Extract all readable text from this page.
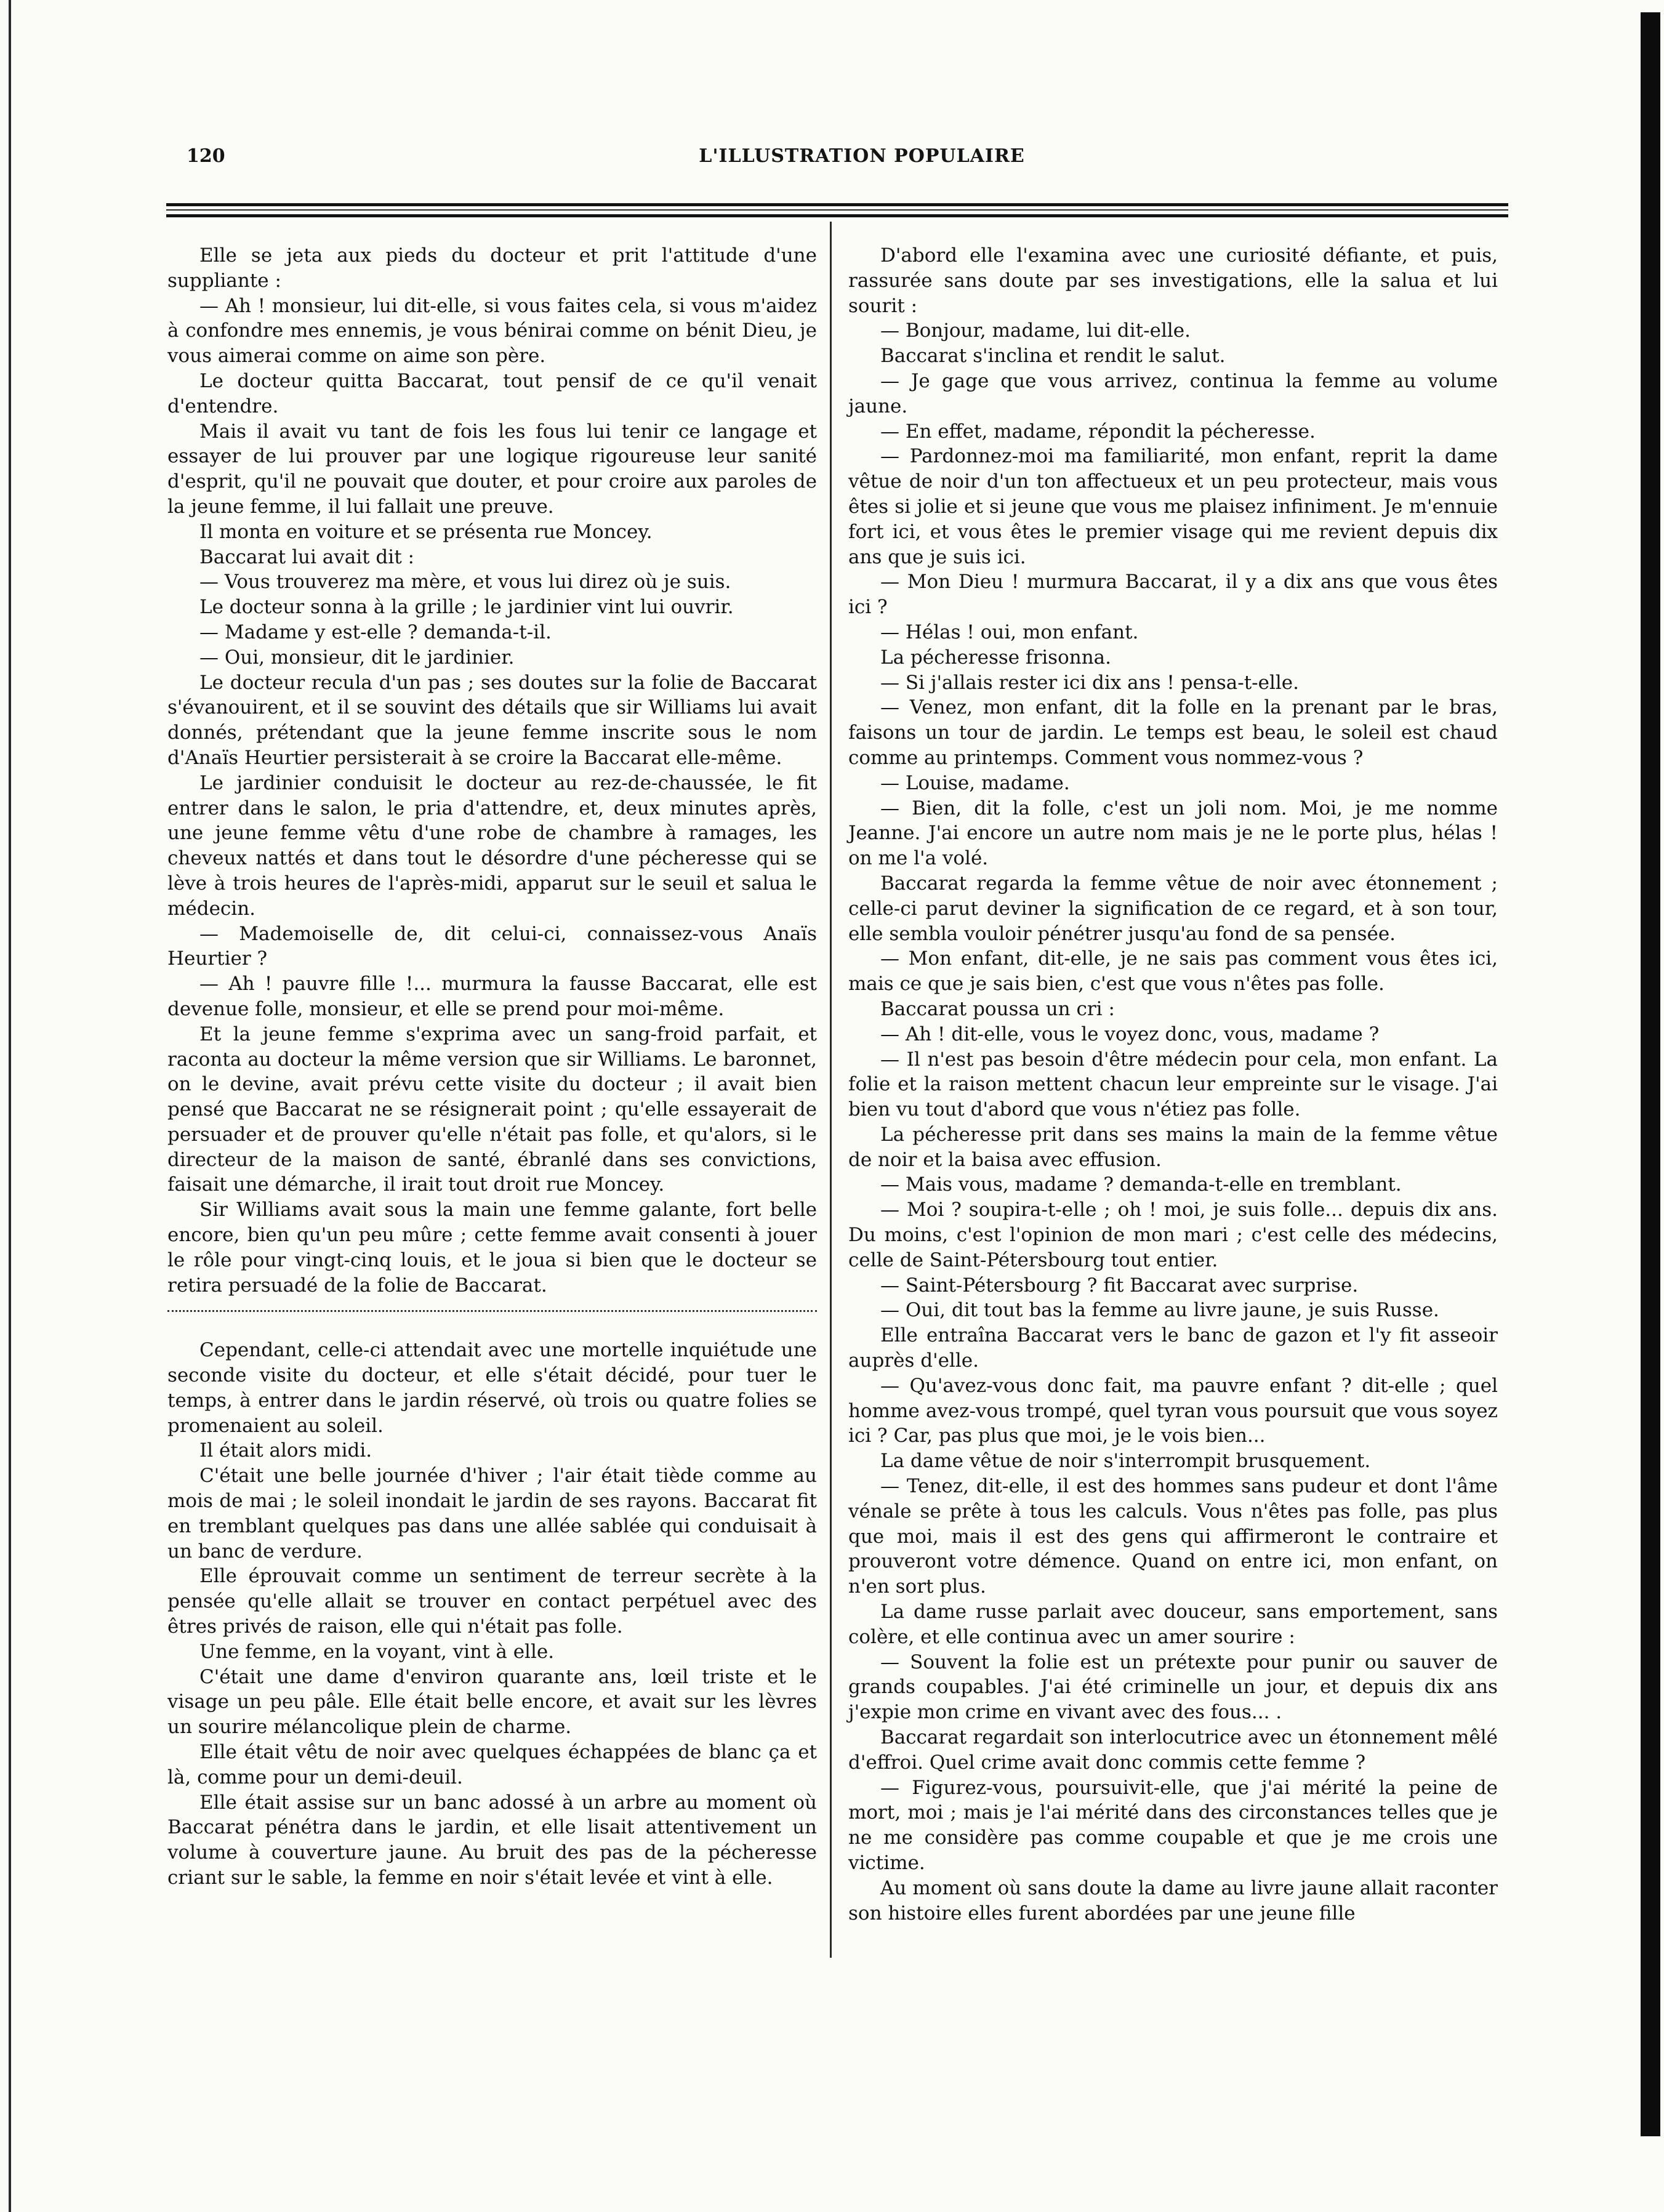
120	L'ILLUSTRATION POPULAIRE

Elle se jeta aux pieds du docteur et prit l'attitude d'une suppliante :

— Ah ! monsieur, lui dit-elle, si vous faites cela, si vous m'aidez à confondre mes ennemis, je vous bénirai comme on bénit Dieu, je vous aimerai comme on aime son père.

Le docteur quitta Baccarat, tout pensif de ce qu'il venait d'entendre.

Mais il avait vu tant de fois les fous lui tenir ce langage et essayer de lui prouver par une logique rigoureuse leur sanité d'esprit, qu'il ne pouvait que douter, et pour croire aux paroles de la jeune femme, il lui fallait une preuve.

Il monta en voiture et se présenta rue Moncey.

Baccarat lui avait dit :

— Vous trouverez ma mère, et vous lui direz où je suis.

Le docteur sonna à la grille ; le jardinier vint lui ouvrir.

— Madame y est-elle ? demanda-t-il.

— Oui, monsieur, dit le jardinier.

Le docteur recula d'un pas ; ses doutes sur la folie de Baccarat s'évanouirent, et il se souvint des détails que sir Williams lui avait donnés, prétendant que la jeune femme inscrite sous le nom d'Anaïs Heurtier persisterait à se croire la Baccarat elle-même.

Le jardinier conduisit le docteur au rez-de-chaussée, le fit entrer dans le salon, le pria d'attendre, et, deux minutes après, une jeune femme vêtu d'une robe de chambre à ramages, les cheveux nattés et dans tout le désordre d'une pécheresse qui se lève à trois heures de l'après-midi, apparut sur le seuil et salua le médecin.

— Mademoiselle de, dit celui-ci, connaissez-vous Anaïs Heurtier ?

— Ah ! pauvre fille !... murmura la fausse Baccarat, elle est devenue folle, monsieur, et elle se prend pour moi-même.

Et la jeune femme s'exprima avec un sang-froid parfait, et raconta au docteur la même version que sir Williams. Le baronnet, on le devine, avait prévu cette visite du docteur ; il avait bien pensé que Baccarat ne se résignerait point ; qu'elle essayerait de persuader et de prouver qu'elle n'était pas folle, et qu'alors, si le directeur de la maison de santé, ébranlé dans ses convictions, faisait une démarche, il irait tout droit rue Moncey.

Sir Williams avait sous la main une femme galante, fort belle encore, bien qu'un peu mûre ; cette femme avait consenti à jouer le rôle pour vingt-cinq louis, et le joua si bien que le docteur se retira persuadé de la folie de Baccarat.

Cependant, celle-ci attendait avec une mortelle inquiétude une seconde visite du docteur, et elle s'était décidé, pour tuer le temps, à entrer dans le jardin réservé, où trois ou quatre folies se promenaient au soleil.

Il était alors midi.

C'était une belle journée d'hiver ; l'air était tiède comme au mois de mai ; le soleil inondait le jardin de ses rayons. Baccarat fit en tremblant quelques pas dans une allée sablée qui conduisait à un banc de verdure.

Elle éprouvait comme un sentiment de terreur secrète à la pensée qu'elle allait se trouver en contact perpétuel avec des êtres privés de raison, elle qui n'était pas folle.

Une femme, en la voyant, vint à elle.

C'était une dame d'environ quarante ans, lœil triste et le visage un peu pâle. Elle était belle encore, et avait sur les lèvres un sourire mélancolique plein de charme.

Elle était vêtu de noir avec quelques échappées de blanc ça et là, comme pour un demi-deuil.

Elle était assise sur un banc adossé à un arbre au moment où Baccarat pénétra dans le jardin, et elle lisait attentivement un volume à couverture jaune. Au bruit des pas de la pécheresse criant sur le sable, la femme en noir s'était levée et vint à elle.

D'abord elle l'examina avec une curiosité défiante, et puis, rassurée sans doute par ses investigations, elle la salua et lui sourit :

— Bonjour, madame, lui dit-elle.

Baccarat s'inclina et rendit le salut.

— Je gage que vous arrivez, continua la femme au volume jaune.

— En effet, madame, répondit la pécheresse.

— Pardonnez-moi ma familiarité, mon enfant, reprit la dame vêtue de noir d'un ton affectueux et un peu protecteur, mais vous êtes si jolie et si jeune que vous me plaisez infiniment. Je m'ennuie fort ici, et vous êtes le premier visage qui me revient depuis dix ans que je suis ici.

— Mon Dieu ! murmura Baccarat, il y a dix ans que vous êtes ici ?

— Hélas ! oui, mon enfant.

La pécheresse frisonna.

— Si j'allais rester ici dix ans ! pensa-t-elle.

— Venez, mon enfant, dit la folle en la prenant par le bras, faisons un tour de jardin. Le temps est beau, le soleil est chaud comme au printemps. Comment vous nommez-vous ?

— Louise, madame.

— Bien, dit la folle, c'est un joli nom. Moi, je me nomme Jeanne. J'ai encore un autre nom mais je ne le porte plus, hélas ! on me l'a volé.

Baccarat regarda la femme vêtue de noir avec étonnement ; celle-ci parut deviner la signification de ce regard, et à son tour, elle sembla vouloir pénétrer jusqu'au fond de sa pensée.

— Mon enfant, dit-elle, je ne sais pas comment vous êtes ici, mais ce que je sais bien, c'est que vous n'êtes pas folle.

Baccarat poussa un cri :

— Ah ! dit-elle, vous le voyez donc, vous, madame ?

— Il n'est pas besoin d'être médecin pour cela, mon enfant. La folie et la raison mettent chacun leur empreinte sur le visage. J'ai bien vu tout d'abord que vous n'étiez pas folle.

La pécheresse prit dans ses mains la main de la femme vêtue de noir et la baisa avec effusion.

— Mais vous, madame ? demanda-t-elle en tremblant.

— Moi ? soupira-t-elle ; oh ! moi, je suis folle... depuis dix ans. Du moins, c'est l'opinion de mon mari ; c'est celle des médecins, celle de Saint-Pétersbourg tout entier.

— Saint-Pétersbourg ? fit Baccarat avec surprise.

— Oui, dit tout bas la femme au livre jaune, je suis Russe.

Elle entraîna Baccarat vers le banc de gazon et l'y fit asseoir auprès d'elle.

— Qu'avez-vous donc fait, ma pauvre enfant ? dit-elle ; quel homme avez-vous trompé, quel tyran vous poursuit que vous soyez ici ? Car, pas plus que moi, je le vois bien...

La dame vêtue de noir s'interrompit brusquement.

— Tenez, dit-elle, il est des hommes sans pudeur et dont l'âme vénale se prête à tous les calculs. Vous n'êtes pas folle, pas plus que moi, mais il est des gens qui affirmeront le contraire et prouveront votre démence. Quand on entre ici, mon enfant, on n'en sort plus.

La dame russe parlait avec douceur, sans emportement, sans colère, et elle continua avec un amer sourire :

— Souvent la folie est un prétexte pour punir ou sauver de grands coupables. J'ai été criminelle un jour, et depuis dix ans j'expie mon crime en vivant avec des fous... .

Baccarat regardait son interlocutrice avec un étonnement mêlé d'effroi. Quel crime avait donc commis cette femme ?

— Figurez-vous, poursuivit-elle, que j'ai mérité la peine de mort, moi ; mais je l'ai mérité dans des circonstances telles que je ne me considère pas comme coupable et que je me crois une victime.

Au moment où sans doute la dame au livre jaune allait raconter son histoire elles furent abordées par une jeune fille
